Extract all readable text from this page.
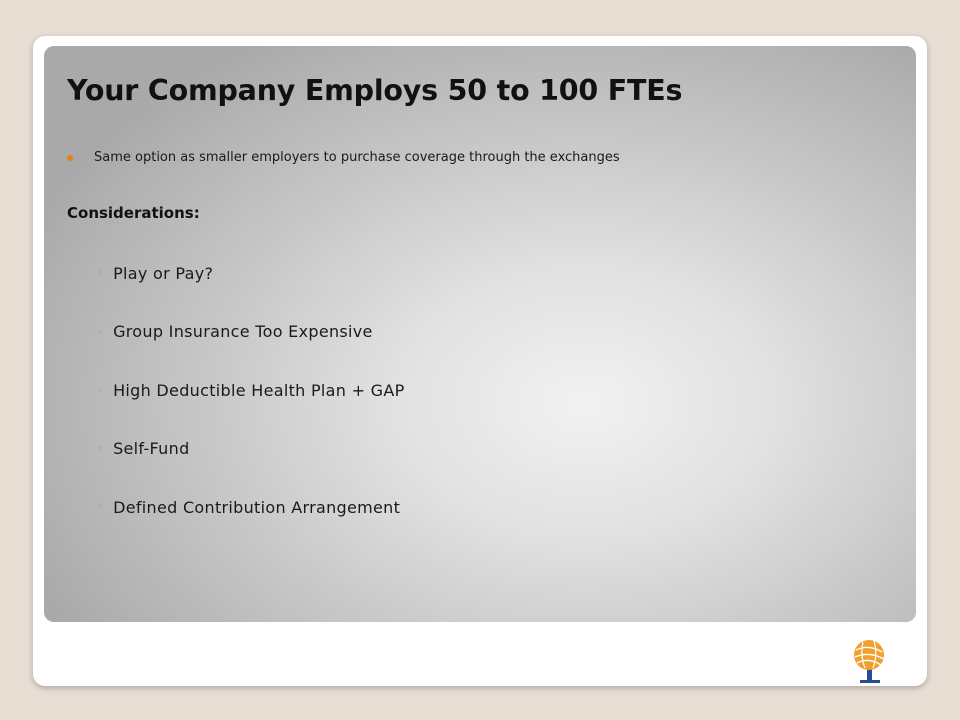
Your Company Employs 50 to 100 FTEs
Same option as smaller employers to purchase coverage through the exchanges
Considerations:
◦ Play or Pay?
◦ Group Insurance Too Expensive
◦ High Deductible Health Plan + GAP
◦ Self-Fund
◦ Defined Contribution Arrangement
